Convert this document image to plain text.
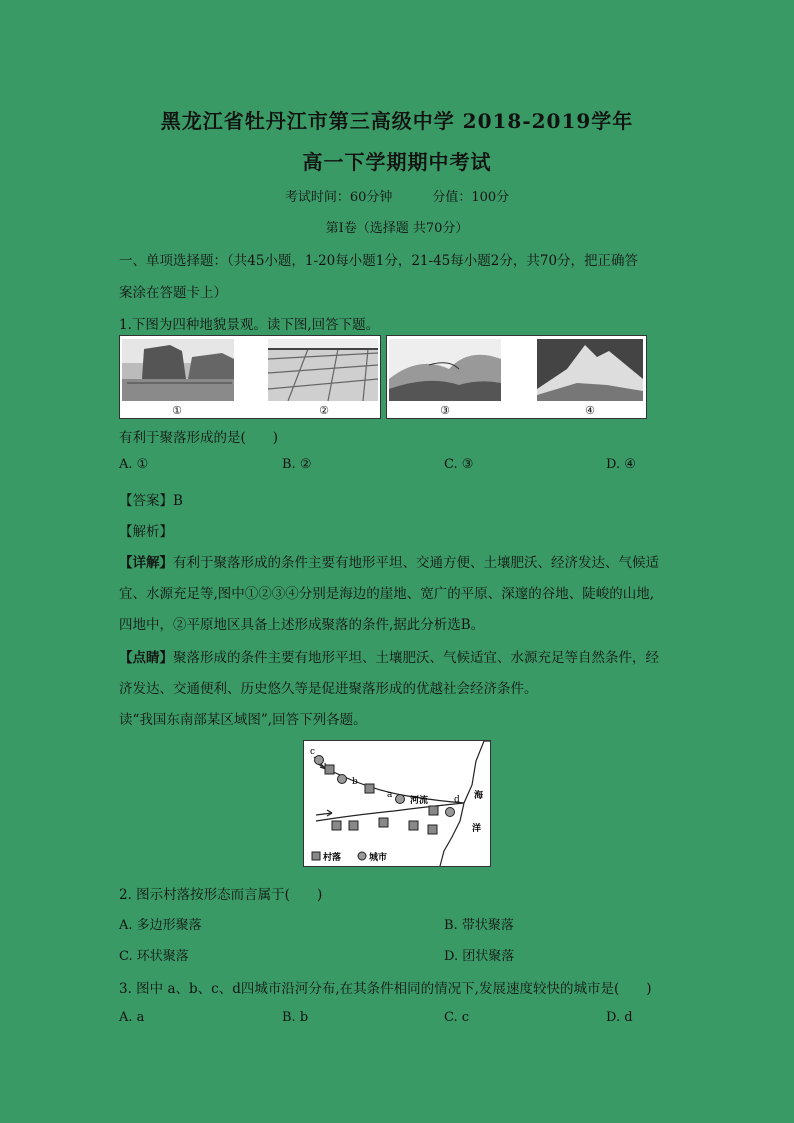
黑龙江省牡丹江市第三高级中学 2018-2019学年
高一下学期期中考试
考试时间：60分钟	分值：100分
第Ⅰ卷（选择题 共70分）
一、单项选择题：（共45小题，1-20每小题1分，21-45每小题2分，共70分，把正确答
案涂在答题卡上）
1.下图为四种地貌景观。读下图,回答下题。
①	②	③	④
有利于聚落形成的是(　　)
A. ①	B. ②	C. ③	D. ④
【答案】B
【解析】
【详解】有利于聚落形成的条件主要有地形平坦、交通方便、土壤肥沃、经济发达、气候适
宜、水源充足等,图中①②③④分别是海边的崖地、宽广的平原、深邃的谷地、陡峻的山地,
四地中，②平原地区具备上述形成聚落的条件,据此分析选B。
【点睛】聚落形成的条件主要有地形平坦、土壤肥沃、气候适宜、水源充足等自然条件，经
济发达、交通便利、历史悠久等是促进聚落形成的优越社会经济条件。
读“我国东南部某区域图”,回答下列各题。
c
b
a	d
河流	海
洋
村落	城市
2. 图示村落按形态而言属于(　　)
A. 多边形聚落	B. 带状聚落
C. 环状聚落	D. 团状聚落
3. 图中 a、b、c、d四城市沿河分布,在其条件相同的情况下,发展速度较快的城市是(　　)
A. a	B. b	C. c	D. d
